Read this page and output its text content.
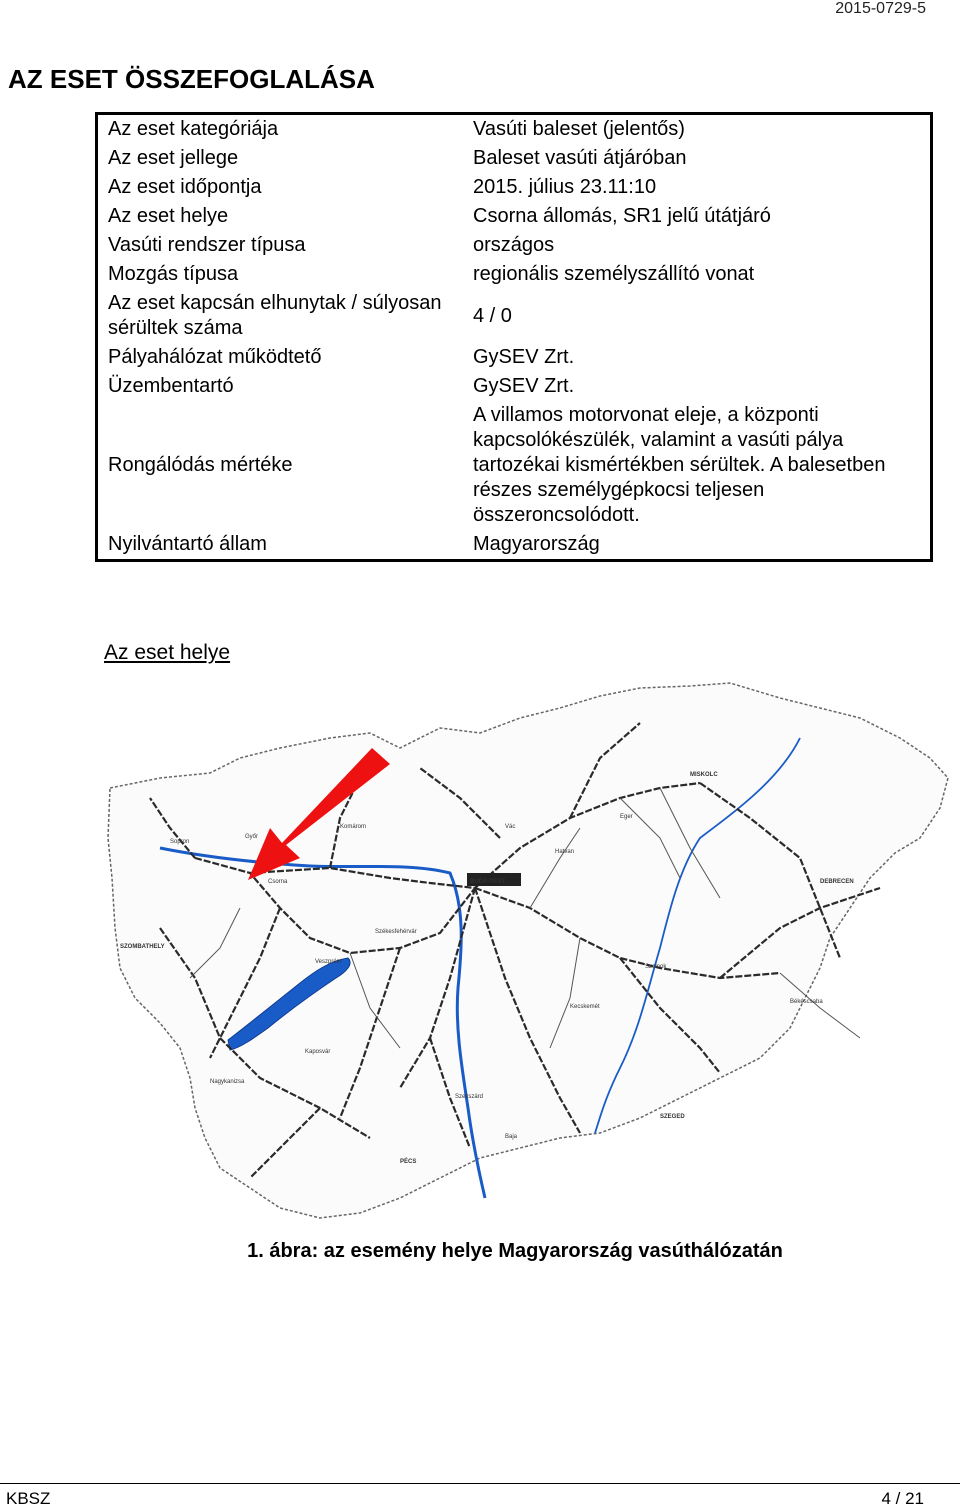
2015-0729-5
AZ ESET ÖSSZEFOGLALÁSA
Az eset kategóriája	Vasúti baleset (jelentős)
Az eset jellege	Baleset vasúti átjáróban
Az eset időpontja	2015. július 23.11:10
Az eset helye	Csorna állomás, SR1 jelű útátjáró
Vasúti rendszer típusa	országos
Mozgás típusa	regionális személyszállító vonat
Az eset kapcsán elhunytak / súlyosan sérültek száma	4 / 0
Pályahálózat működtető	GySEV Zrt.
Üzembentartó	GySEV Zrt.
Rongálódás mértéke	A villamos motorvonat eleje, a központi kapcsolókészülék, valamint a vasúti pálya tartozékai kismértékben sérültek. A balesetben részes személygépkocsi teljesen összeroncsolódott.
Nyilvántartó állam	Magyarország
Az eset helye
BUDA-PEST
SZOMBATHELY
MISKOLC
DEBRECEN
SZEGED
PÉCS
Sopron
Csorna
Győr
Komárom
Eger
Szolnok
Kecskemét
Békéscsaba
Székesfehérvár
Veszprém
Kaposvár
Nagykanizsa
Szekszárd
Baja
Hatvan
Vác
1. ábra: az esemény helye Magyarország vasúthálózatán
KBSZ	4 / 21
